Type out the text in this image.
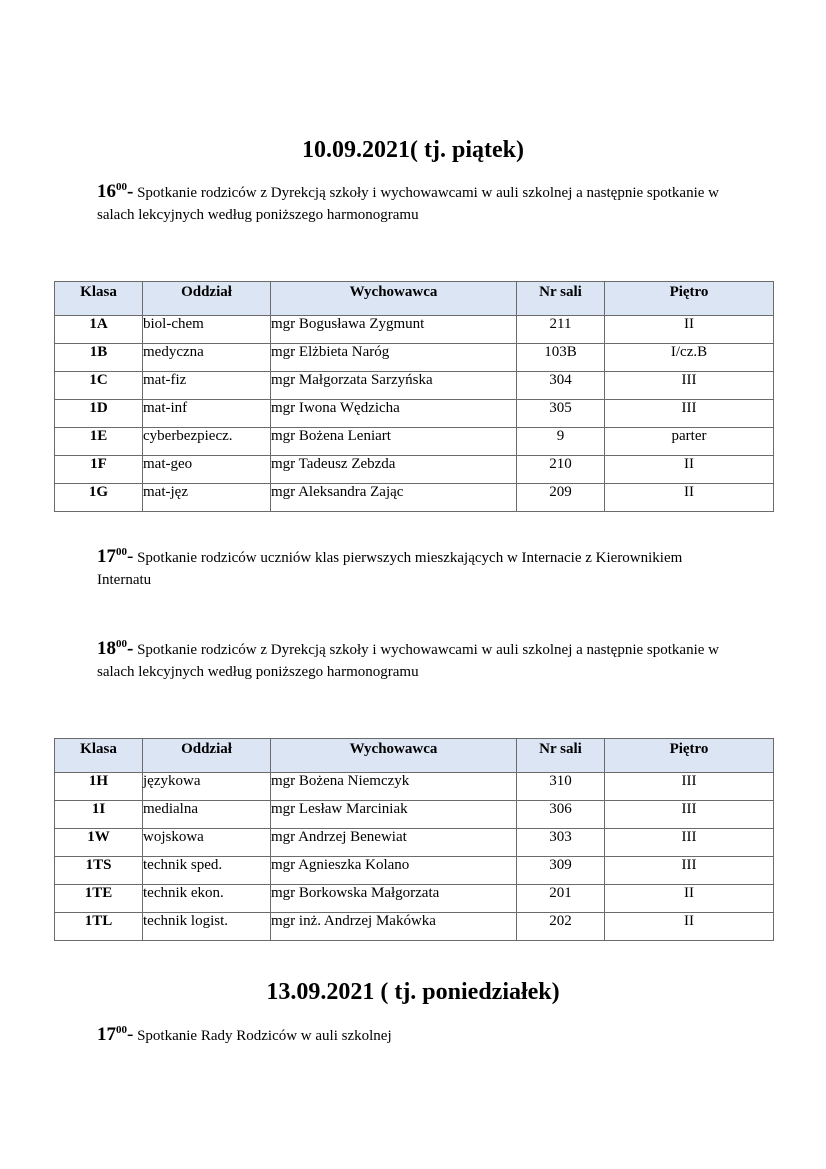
10.09.2021( tj. piątek)
$16^{00}-$ Spotkanie rodziców z Dyrekcją szkoły i wychowawcami w auli szkolnej a następnie spotkanie w salach lekcyjnych według poniższego harmonogramu
Klasa	Oddział	Wychowawca	Nr sali	Piętro
1A	biol-chem	mgr Bogusława Zygmunt	211	II
1B	medyczna	mgr Elżbieta Naróg	103B	I/cz.B
1C	mat-fiz	mgr Małgorzata Sarzyńska	304	III
1D	mat-inf	mgr Iwona Wędzicha	305	III
1E	cyberbezpiecz.	mgr Bożena Leniart	9	parter
1F	mat-geo	mgr Tadeusz Zebzda	210	II
1G	mat-jęz	mgr Aleksandra Zając	209	II
$17^{00}-$ Spotkanie rodziców uczniów klas pierwszych mieszkających w Internacie z Kierownikiem Internatu
$18^{00}-$ Spotkanie rodziców z Dyrekcją szkoły i wychowawcami w auli szkolnej a następnie spotkanie w salach lekcyjnych według poniższego harmonogramu
Klasa	Oddział	Wychowawca	Nr sali	Piętro
1H	językowa	mgr Bożena Niemczyk	310	III
1I	medialna	mgr Lesław Marciniak	306	III
1W	wojskowa	mgr Andrzej Benewiat	303	III
1TS	technik sped.	mgr Agnieszka Kolano	309	III
1TE	technik ekon.	mgr Borkowska Małgorzata	201	II
1TL	technik logist.	mgr inż. Andrzej Makówka	202	II
13.09.2021 ( tj. poniedziałek)
$17^{00}-$ Spotkanie Rady Rodziców w auli szkolnej
